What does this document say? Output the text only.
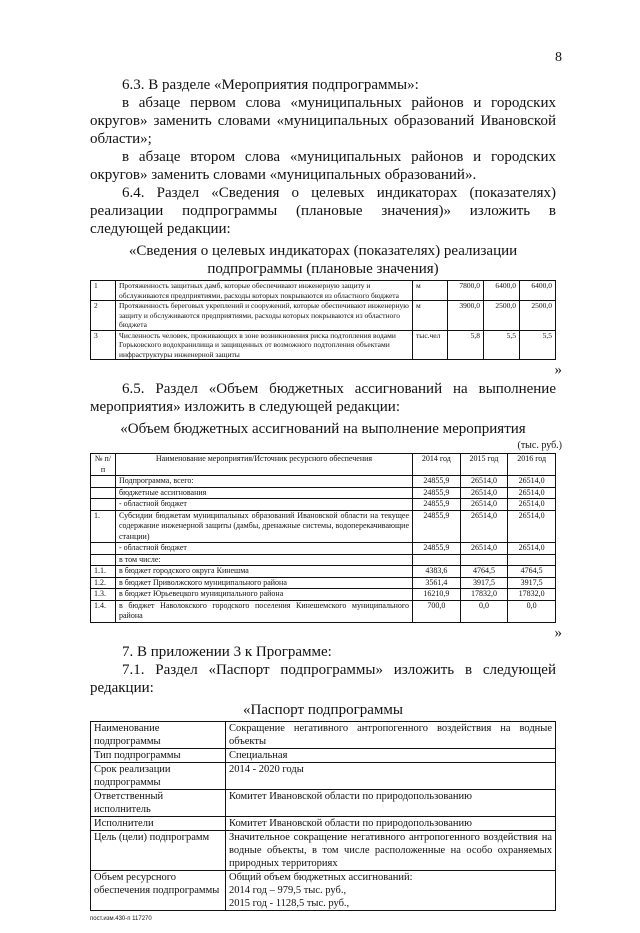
8
6.3. В разделе «Мероприятия подпрограммы»:
в абзаце первом слова «муниципальных районов и городских округов» заменить словами «муниципальных образований Ивановской области»;
в абзаце втором слова «муниципальных районов и городских округов» заменить словами «муниципальных образований».
6.4. Раздел «Сведения о целевых индикаторах (показателях) реализации подпрограммы (плановые значения)» изложить в следующей редакции:
«Сведения о целевых индикаторах (показателях) реализации подпрограммы (плановые значения)
1	Протяженность защитных дамб, которые обеспечивают инженерную защиту и обслуживаются предприятиями, расходы которых покрываются из областного бюджета	м	7800,0	6400,0	6400,0
2	Протяженность береговых укреплений и сооружений, которые обеспечивают инженерную защиту и обслуживаются предприятиями, расходы которых покрываются из областного бюджета	м	3900,0	2500,0	2500,0
3	Численность человек, проживающих в зоне возникновения риска подтопления водами Горьковского водохранилища и защищенных от возможного подтопления объектами инфраструктуры инженерной защиты	тыс.чел	5,8	5,5	5,5
»
6.5. Раздел «Объем бюджетных ассигнований на выполнение мероприятия» изложить в следующей редакции:
«Объем бюджетных ассигнований на выполнение мероприятия
(тыс. руб.)
№ п/п	Наименование мероприятия/Источник ресурсного обеспечения	2014 год	2015 год	2016 год
	Подпрограмма, всего:	24855,9	26514,0	26514,0
	бюджетные ассигнования	24855,9	26514,0	26514,0
	- областной бюджет	24855,9	26514,0	26514,0
1.	Субсидии бюджетам муниципальных образований Ивановской области на текущее содержание инженерной защиты (дамбы, дренажные системы, водоперекачивающие станции)	24855,9	26514,0	26514,0
	- областной бюджет	24855,9	26514,0	26514,0
	в том числе:			
1.1.	в бюджет городского округа Кинешма	4383,6	4764,5	4764,5
1.2.	в бюджет Приволжского муниципального района	3561,4	3917,5	3917,5
1.3.	в бюджет Юрьевецкого муниципального района	16210,9	17832,0	17832,0
1.4.	в бюджет Наволокского городского поселения Кинешемского муниципального района	700,0	0,0	0,0
»
7. В приложении 3 к Программе:
7.1. Раздел «Паспорт подпрограммы» изложить в следующей редакции:
«Паспорт подпрограммы
Наименование подпрограммы	Сокращение негативного антропогенного воздействия на водные объекты
Тип подпрограммы	Специальная
Срок реализации подпрограммы	2014 - 2020 годы
Ответственный исполнитель	Комитет Ивановской области по природопользованию
Исполнители	Комитет Ивановской области по природопользованию
Цель (цели) подпрограмм	Значительное сокращение негативного антропогенного воздействия на водные объекты, в том числе расположенные на особо охраняемых природных территориях
Объем ресурсного обеспечения подпрограммы	Общий объем бюджетных ассигнований:
2014 год – 979,5 тыс. руб.,
2015 год - 1128,5 тыс. руб.,
пост.изм.430-п 117270
